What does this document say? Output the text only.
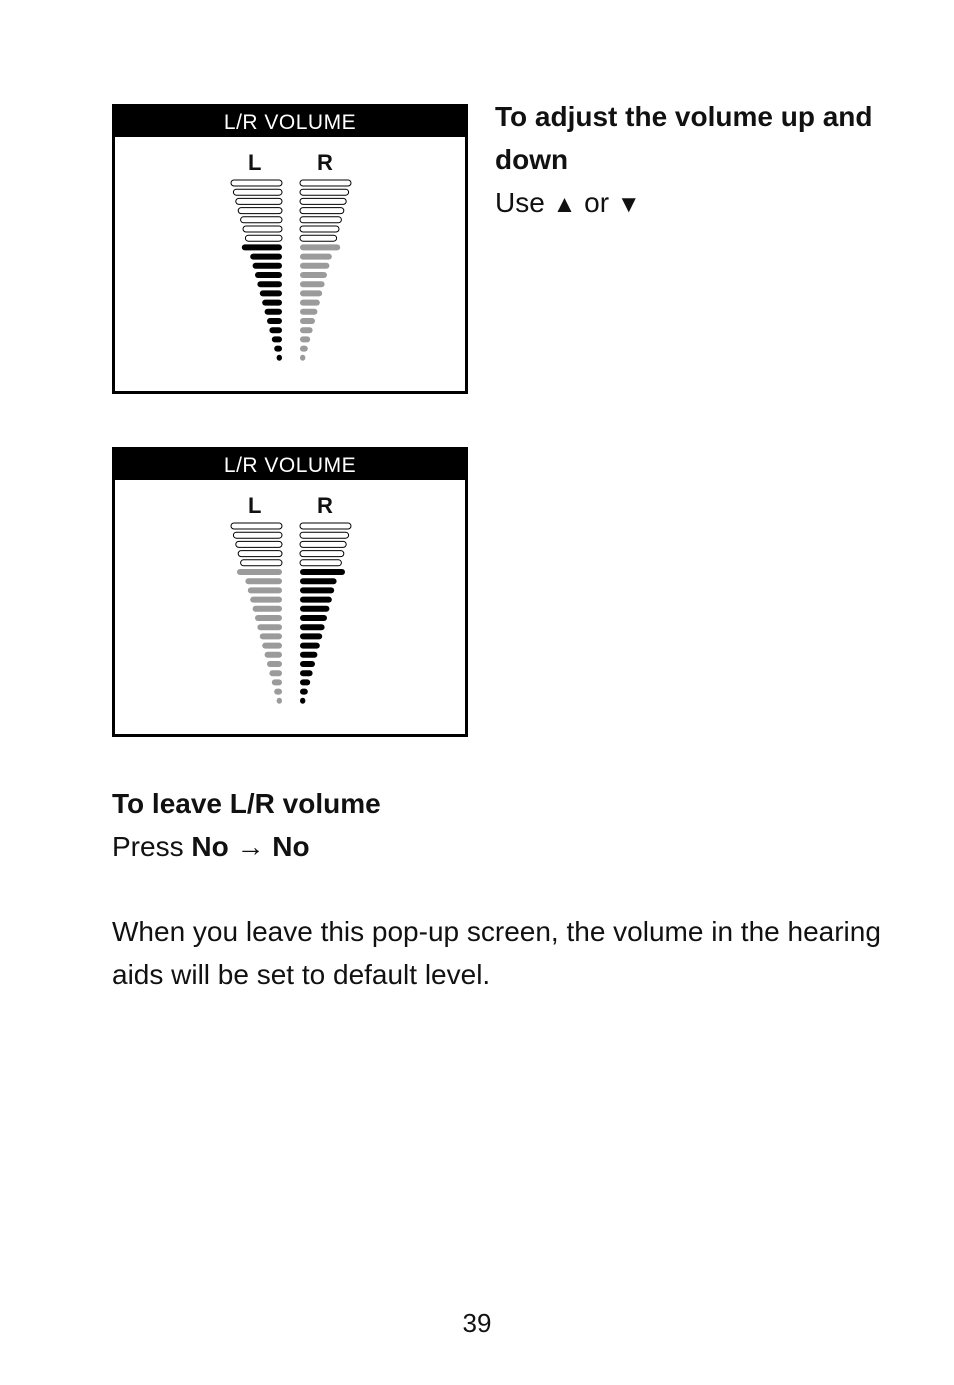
L/R VOLUME
L	R
L/R VOLUME
L	R
To adjust the volume up and down
Use ▲ or ▼
To leave L/R volume
Press No → No
When you leave this pop-up screen, the volume in the hearing aids will be set to default level.
39
